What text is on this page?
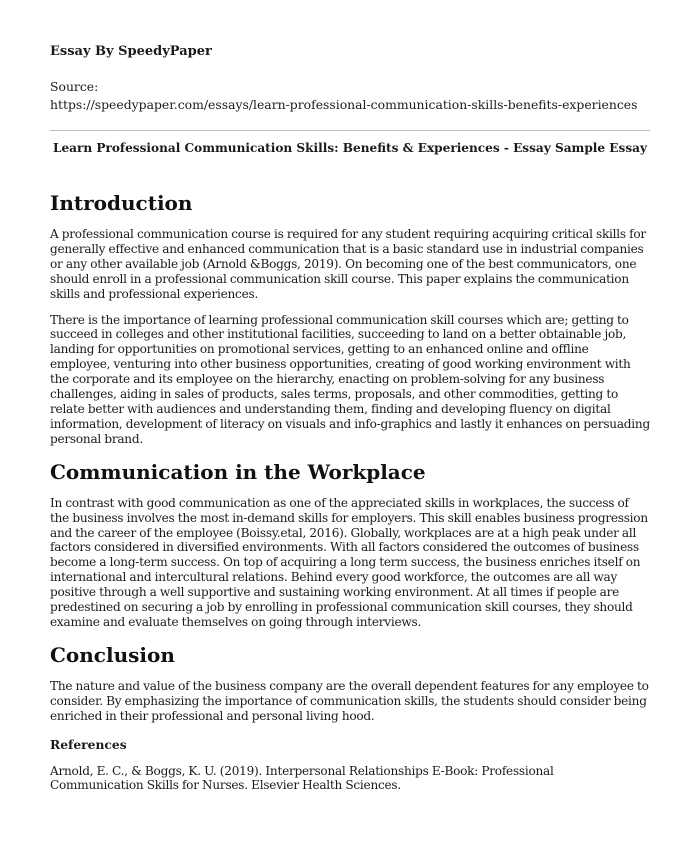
Essay By SpeedyPaper
Source:
https://speedypaper.com/essays/learn-professional-communication-skills-benefits-experiences
Learn Professional Communication Skills: Benefits & Experiences - Essay Sample Essay
Introduction

A professional communication course is required for any student requiring acquiring critical skills for generally effective and enhanced communication that is a basic standard use in industrial companies or any other available job (Arnold &Boggs, 2019). On becoming one of the best communicators, one should enroll in a professional communication skill course. This paper explains the communication skills and professional experiences.

There is the importance of learning professional communication skill courses which are; getting to succeed in colleges and other institutional facilities, succeeding to land on a better obtainable job, landing for opportunities on promotional services, getting to an enhanced online and offline employee, venturing into other business opportunities, creating of good working environment with the corporate and its employee on the hierarchy, enacting on problem-solving for any business challenges, aiding in sales of products, sales terms, proposals, and other commodities, getting to relate better with audiences and understanding them, finding and developing fluency on digital information, development of literacy on visuals and info-graphics and lastly it enhances on persuading personal brand.

Communication in the Workplace

In contrast with good communication as one of the appreciated skills in workplaces, the success of the business involves the most in-demand skills for employers. This skill enables business progression and the career of the employee (Boissy.etal, 2016). Globally, workplaces are at a high peak under all factors considered in diversified environments. With all factors considered the outcomes of business become a long-term success. On top of acquiring a long term success, the business enriches itself on international and intercultural relations. Behind every good workforce, the outcomes are all way positive through a well supportive and sustaining working environment. At all times if people are predestined on securing a job by enrolling in professional communication skill courses, they should examine and evaluate themselves on going through interviews.

Conclusion

The nature and value of the business company are the overall dependent features for any employee to consider. By emphasizing the importance of communication skills, the students should consider being enriched in their professional and personal living hood.

References

Arnold, E. C., & Boggs, K. U. (2019). Interpersonal Relationships E-Book: Professional Communication Skills for Nurses. Elsevier Health Sciences.
